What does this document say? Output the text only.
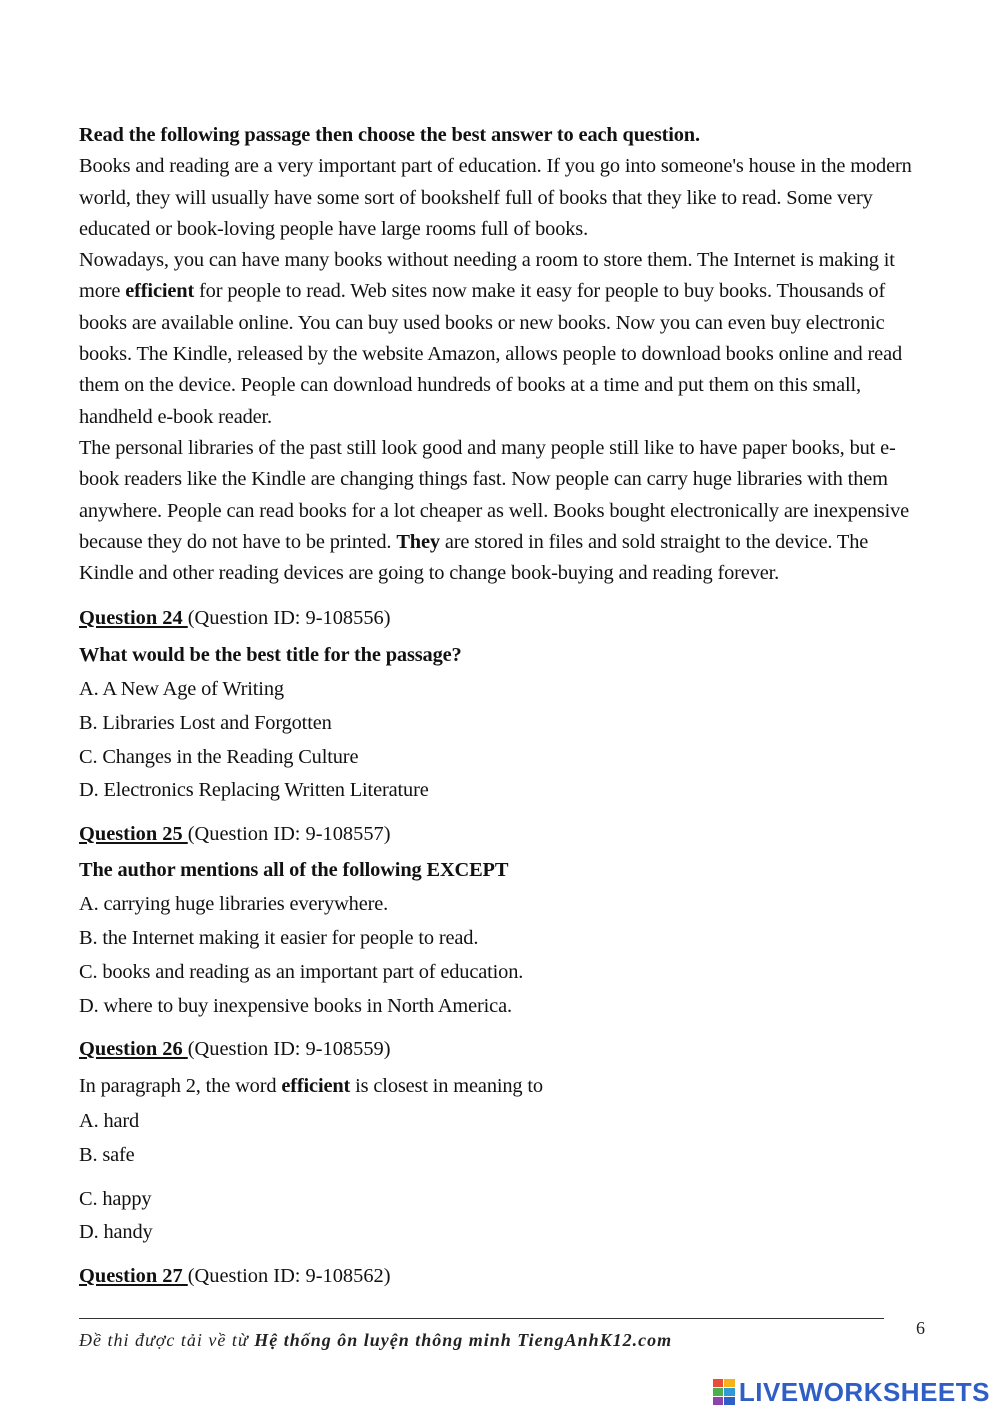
Read the following passage then choose the best answer to each question.

Books and reading are a very important part of education. If you go into someone's house in the modern world, they will usually have some sort of bookshelf full of books that they like to read. Some very educated or book-loving people have large rooms full of books.

Nowadays, you can have many books without needing a room to store them. The Internet is making it more efficient for people to read. Web sites now make it easy for people to buy books. Thousands of books are available online. You can buy used books or new books. Now you can even buy electronic books. The Kindle, released by the website Amazon, allows people to download books online and read them on the device. People can download hundreds of books at a time and put them on this small, handheld e-book reader.

The personal libraries of the past still look good and many people still like to have paper books, but e-book readers like the Kindle are changing things fast. Now people can carry huge libraries with them anywhere. People can read books for a lot cheaper as well. Books bought electronically are inexpensive because they do not have to be printed. They are stored in files and sold straight to the device. The Kindle and other reading devices are going to change book-buying and reading forever.

Question 24 (Question ID: 9-108556)
What would be the best title for the passage?
A. A New Age of Writing
B. Libraries Lost and Forgotten
C. Changes in the Reading Culture
D. Electronics Replacing Written Literature
Question 25 (Question ID: 9-108557)
The author mentions all of the following EXCEPT
A. carrying huge libraries everywhere.
B. the Internet making it easier for people to read.
C. books and reading as an important part of education.
D. where to buy inexpensive books in North America.
Question 26 (Question ID: 9-108559)
In paragraph 2, the word efficient is closest in meaning to
A. hard
B. safe
C. happy
D. handy
Question 27 (Question ID: 9-108562)
Đề thi được tải về từ Hệ thống ôn luyện thông minh TiengAnhK12.com
6
LIVEWORKSHEETS
